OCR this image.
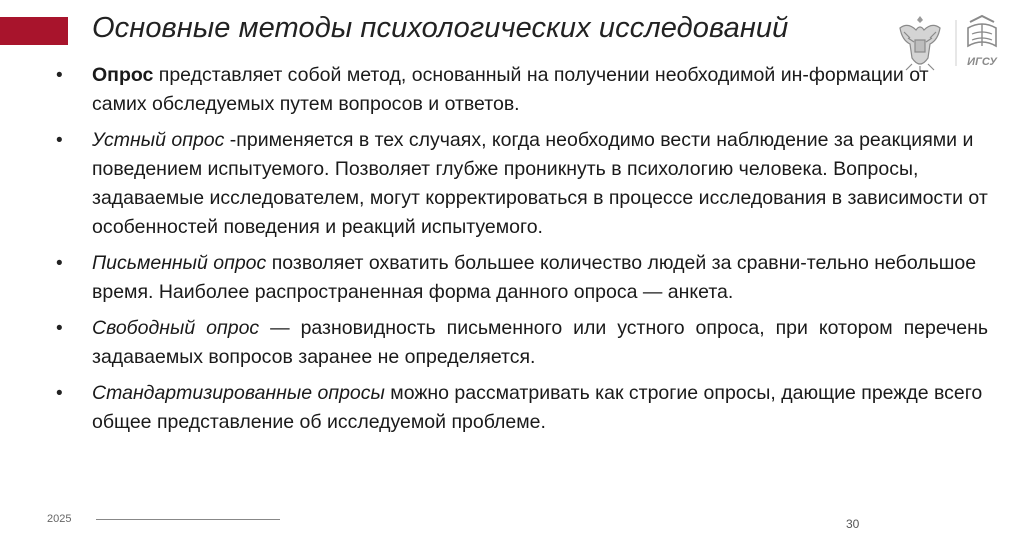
Основные методы психологических исследований
ИГСУ
• Опрос представляет собой метод, основанный на получении необходимой ин-формации от самих обследуемых путем вопросов и ответов.
• Устный опрос -применяется в тех случаях, когда необходимо вести наблюдение за реакциями и поведением испытуемого. Позволяет глубже проникнуть в психологию человека. Вопросы, задаваемые исследователем, могут корректироваться в процессе исследования в зависимости от особенностей поведения и реакций испытуемого.
• Письменный опрос позволяет охватить большее количество людей за сравни-тельно небольшое время. Наиболее распространенная форма данного опроса — анкета.
• Свободный опрос — разновидность письменного или устного опроса, при котором перечень задаваемых вопросов заранее не определяется.
• Стандартизированные опросы можно рассматривать как строгие опросы, дающие прежде всего общее представление об исследуемой проблеме.
2025	30
